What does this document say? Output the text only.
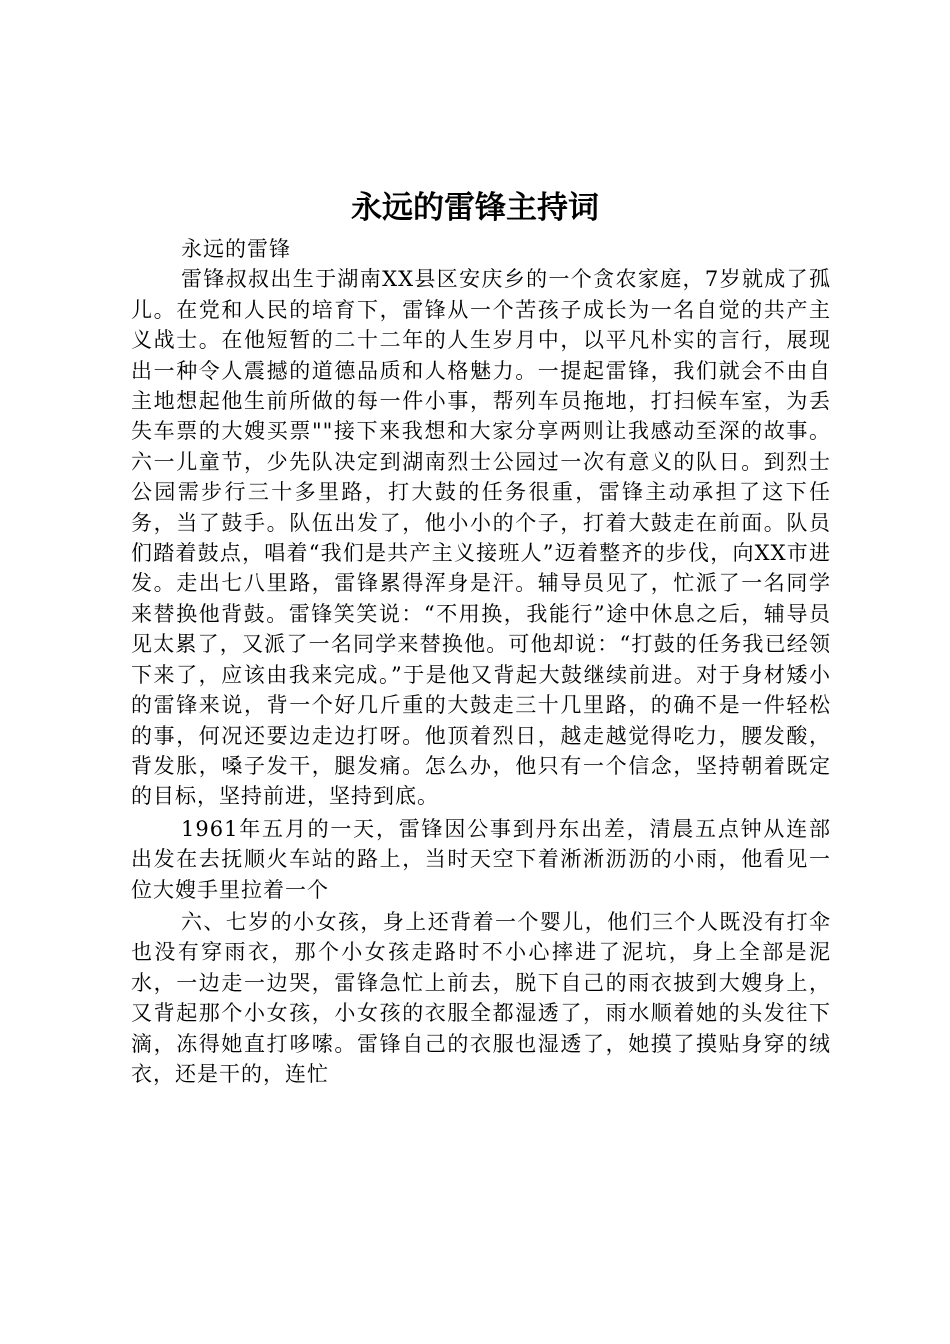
永远的雷锋主持词

永远的雷锋

雷锋叔叔出生于湖南XX县区安庆乡的一个贪农家庭，7岁就成了孤儿。在党和人民的培育下，雷锋从一个苦孩子成长为一名自觉的共产主义战士。在他短暂的二十二年的人生岁月中，以平凡朴实的言行，展现出一种令人震撼的道德品质和人格魅力。一提起雷锋，我们就会不由自主地想起他生前所做的每一件小事，帮列车员拖地，打扫候车室，为丢失车票的大嫂买票""接下来我想和大家分享两则让我感动至深的故事。六一儿童节，少先队决定到湖南烈士公园过一次有意义的队日。到烈士公园需步行三十多里路，打大鼓的任务很重，雷锋主动承担了这下任务，当了鼓手。队伍出发了，他小小的个子，打着大鼓走在前面。队员们踏着鼓点，唱着“我们是共产主义接班人”迈着整齐的步伐，向XX市进发。走出七八里路，雷锋累得浑身是汗。辅导员见了，忙派了一名同学来替换他背鼓。雷锋笑笑说：“不用换，我能行”途中休息之后，辅导员见太累了，又派了一名同学来替换他。可他却说：“打鼓的任务我已经领下来了，应该由我来完成。”于是他又背起大鼓继续前进。对于身材矮小的雷锋来说，背一个好几斤重的大鼓走三十几里路，的确不是一件轻松的事，何况还要边走边打呀。他顶着烈日，越走越觉得吃力，腰发酸，背发胀，嗓子发干，腿发痛。怎么办，他只有一个信念，坚持朝着既定的目标，坚持前进，坚持到底。

1961年五月的一天，雷锋因公事到丹东出差，清晨五点钟从连部出发在去抚顺火车站的路上，当时天空下着淅淅沥沥的小雨，他看见一位大嫂手里拉着一个

六、七岁的小女孩，身上还背着一个婴儿，他们三个人既没有打伞也没有穿雨衣，那个小女孩走路时不小心摔进了泥坑，身上全部是泥水，一边走一边哭，雷锋急忙上前去，脱下自己的雨衣披到大嫂身上，又背起那个小女孩，小女孩的衣服全都湿透了，雨水顺着她的头发往下滴，冻得她直打哆嗦。雷锋自己的衣服也湿透了，她摸了摸贴身穿的绒衣，还是干的，连忙
